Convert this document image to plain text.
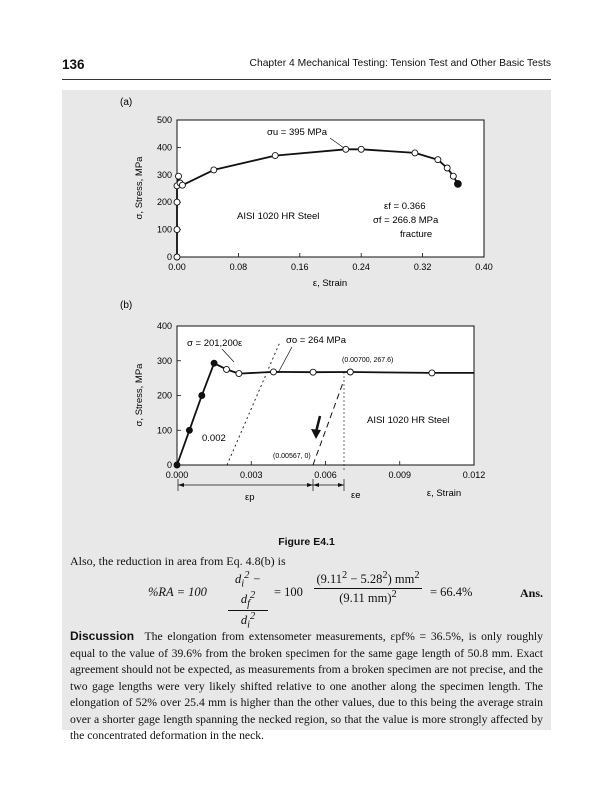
136	Chapter 4 Mechanical Testing: Tension Test and Other Basic Tests
(a)
0
100
200
300
400
500
0.00	0.08	0.16	0.24	0.32	0.40
σ, Stress, MPa
ε, Strain
σu = 395 MPa
AISI 1020 HR Steel
εf = 0.366
σf = 266.8 MPa
fracture
(b)
0
100
200
300
400
0.000	0.003	0.006	0.009	0.012
σ, Stress, MPa
ε, Strain
σ = 201,200ε	σo = 264 MPa
(0.00700, 267.6)
(0.00567, 0)
0.002
AISI 1020 HR Steel
εp	εe
Figure E4.1
Also, the reduction in area from Eq. 4.8(b) is
$\%RA = 100 \frac{d_i^2 - d_f^2}{d_i^2} = 100 \frac{(9.11^2 - 5.28^2) mm^2}{(9.11 mm)^2} = 66.4\%$	Ans.
Discussion The elongation from extensometer measurements, εpf% = 36.5%, is only roughly equal to the value of 39.6% from the broken specimen for the same gage length of 50.8 mm. Exact agreement should not be expected, as measurements from a broken specimen are not precise, and the two gage lengths were very likely shifted relative to one another along the specimen length. The elongation of 52% over 25.4 mm is higher than the other values, due to this being the average strain over a shorter gage length spanning the necked region, so that the value is more strongly affected by the concentrated deformation in the neck.
